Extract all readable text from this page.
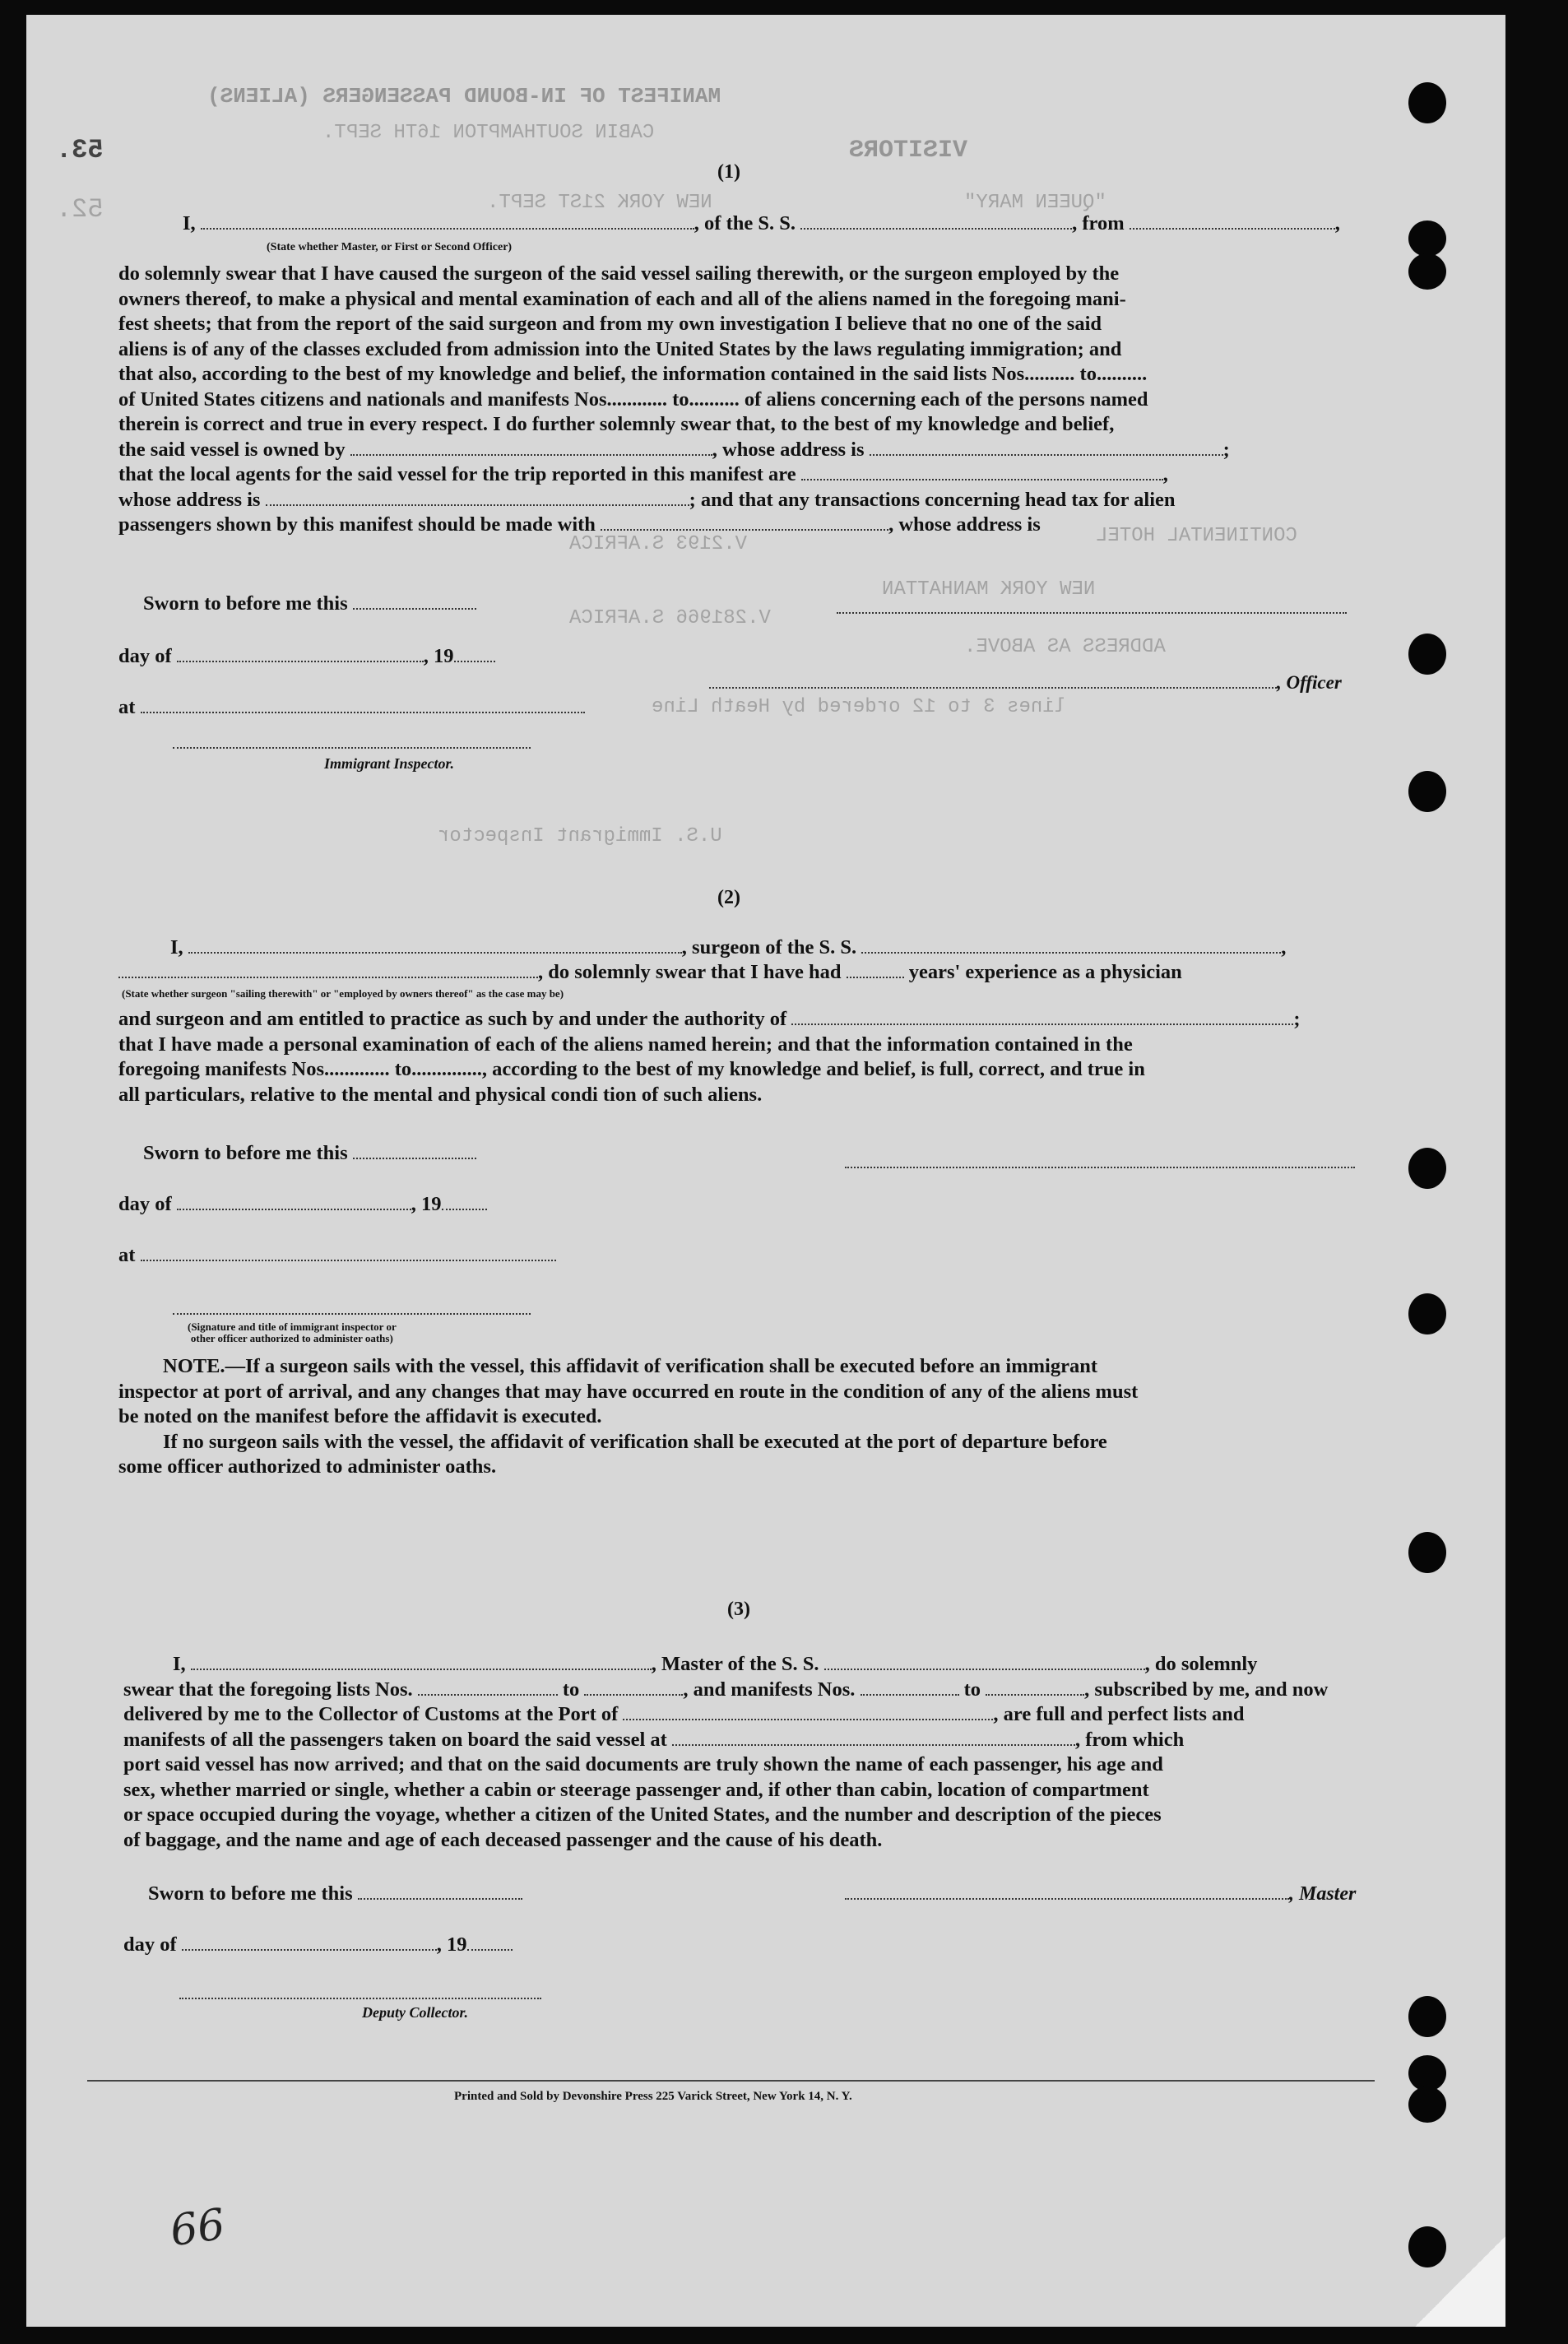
MANIFEST OF IN-BOUND PASSENGERS (ALIENS)
CABIN SOUTHAMPTON 16TH SEPT.
VISITORS
NEW YORK 21ST SEPT.	"QUEEN MARY"
V.2193 S.AFRICA
V.281966 S.AFRICA
CONTINENTAL HOTEL
NEW YORK MANHATTAN
ADDRESS AS ABOVE.
lines 3 to 12 ordered by Heath Line
U.S. Immigrant Inspector
53.
52.
(1)
I,	, of the S. S.	, from	,
(State whether Master, or First or Second Officer)
do solemnly swear that I have caused the surgeon of the said vessel sailing therewith, or the surgeon employed by the
owners thereof, to make a physical and mental examination of each and all of the aliens named in the foregoing mani-
fest sheets; that from the report of the said surgeon and from my own investigation I believe that no one of the said
aliens is of any of the classes excluded from admission into the United States by the laws regulating immigration; and
that also, according to the best of my knowledge and belief, the information contained in the said lists Nos.......... to..........
of United States citizens and nationals and manifests Nos............ to.......... of aliens concerning each of the persons named
therein is correct and true in every respect. I do further solemnly swear that, to the best of my knowledge and belief,
the said vessel is owned by	, whose address is	;
that the local agents for the said vessel for the trip reported in this manifest are	,
whose address is	; and that any transactions concerning head tax for alien
passengers shown by this manifest should be made with	, whose address is
Sworn to before me this
day of	, 19
, Officer
at
Immigrant Inspector.
(2)
I,	, surgeon of the S. S.	,
, do solemnly swear that I have had	years' experience as a physician
(State whether surgeon "sailing therewith" or "employed by owners thereof" as the case may be)
and surgeon and am entitled to practice as such by and under the authority of	;
that I have made a personal examination of each of the aliens named herein; and that the information contained in the
foregoing manifests Nos............. to.............., according to the best of my knowledge and belief, is full, correct, and true in
all particulars, relative to the mental and physical condi tion of such aliens.
Sworn to before me this
day of	, 19
at
(Signature and title of immigrant inspector or
other officer authorized to administer oaths)
NOTE.—If a surgeon sails with the vessel, this affidavit of verification shall be executed before an immigrant
inspector at port of arrival, and any changes that may have occurred en route in the condition of any of the aliens must
be noted on the manifest before the affidavit is executed.
If no surgeon sails with the vessel, the affidavit of verification shall be executed at the port of departure before
some officer authorized to administer oaths.
(3)
I,	, Master of the S. S.	, do solemnly
swear that the foregoing lists Nos.	to	, and manifests Nos.	to	, subscribed by me, and now
delivered by me to the Collector of Customs at the Port of	, are full and perfect lists and
manifests of all the passengers taken on board the said vessel at	, from which
port said vessel has now arrived; and that on the said documents are truly shown the name of each passenger, his age and
sex, whether married or single, whether a cabin or steerage passenger and, if other than cabin, location of compartment
or space occupied during the voyage, whether a citizen of the United States, and the number and description of the pieces
of baggage, and the name and age of each deceased passenger and the cause of his death.
Sworn to before me this	, Master
day of	, 19
Deputy Collector.
Printed and Sold by Devonshire Press 225 Varick Street, New York 14, N. Y.
66
